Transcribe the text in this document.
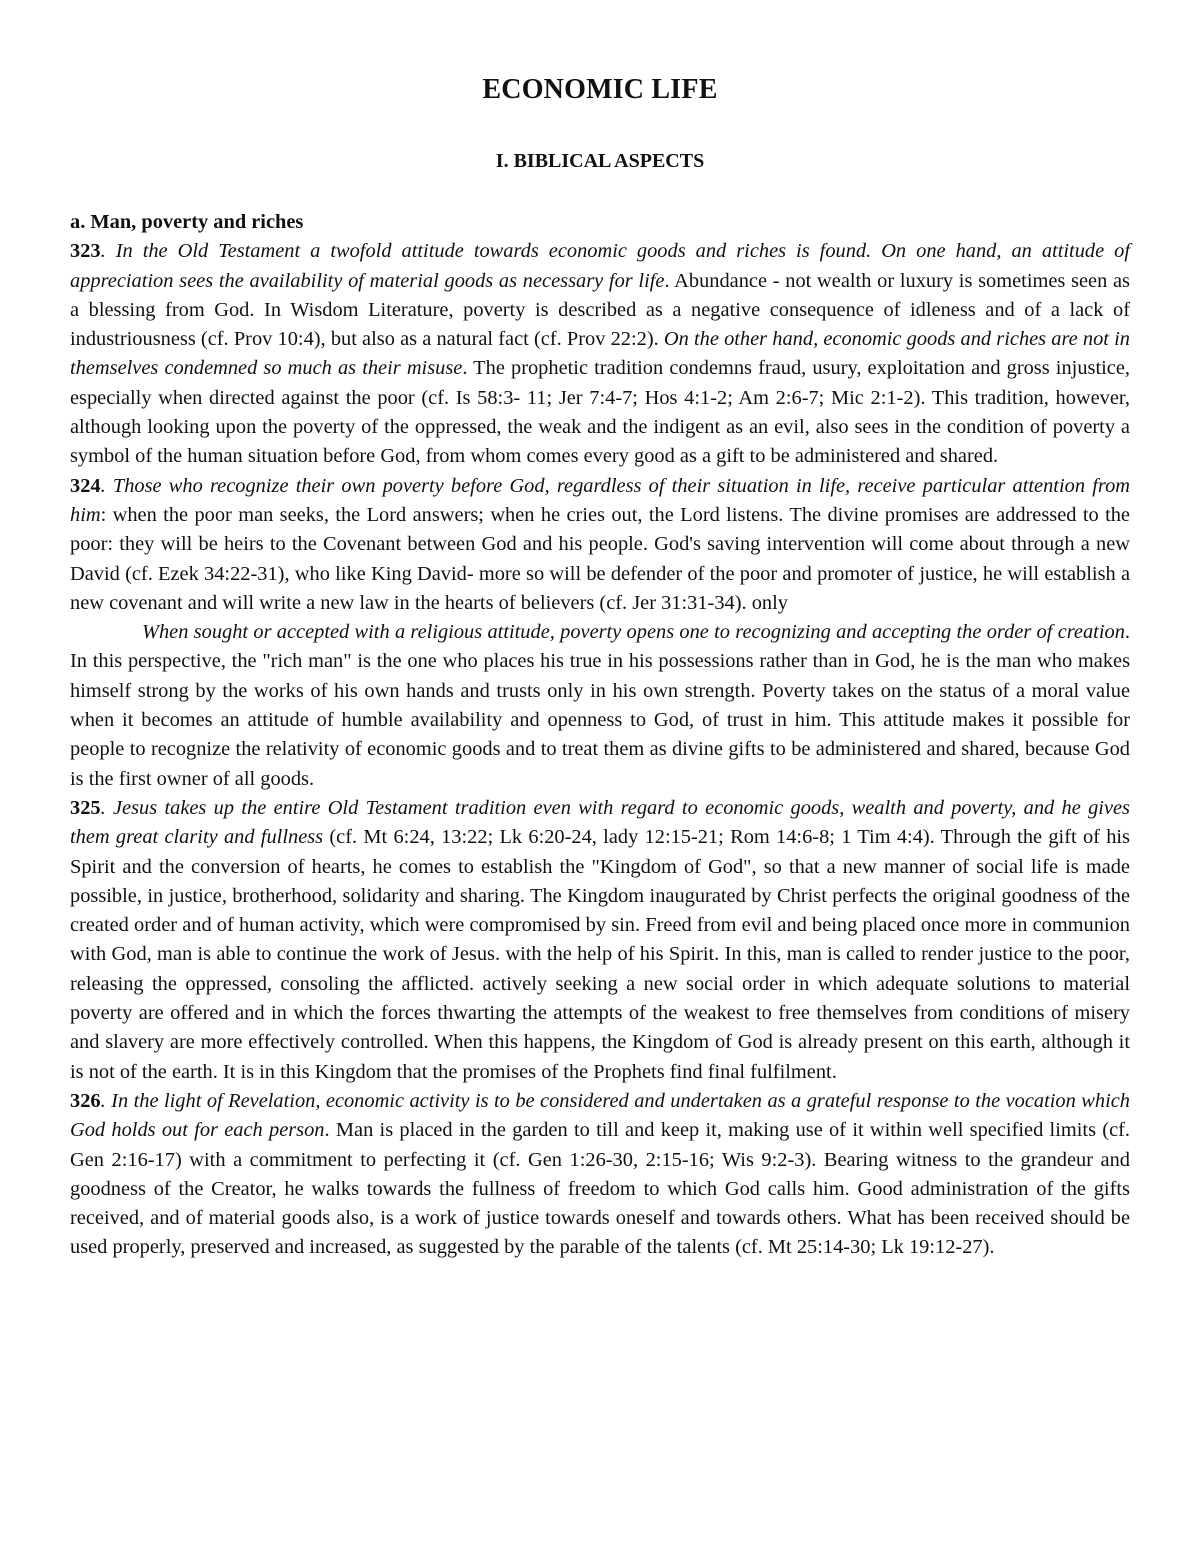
ECONOMIC LIFE
I. BIBLICAL ASPECTS

a. Man, poverty and riches

323. In the Old Testament a twofold attitude towards economic goods and riches is found. On one hand, an attitude of appreciation sees the availability of material goods as necessary for life. Abundance - not wealth or luxury is sometimes seen as a blessing from God. In Wisdom Literature, poverty is described as a negative consequence of idleness and of a lack of industriousness (cf. Prov 10:4), but also as a natural fact (cf. Prov 22:2). On the other hand, economic goods and riches are not in themselves condemned so much as their misuse. The prophetic tradition condemns fraud, usury, exploitation and gross injustice, especially when directed against the poor (cf. Is 58:3- 11; Jer 7:4-7; Hos 4:1-2; Am 2:6-7; Mic 2:1-2). This tradition, however, although looking upon the poverty of the oppressed, the weak and the indigent as an evil, also sees in the condition of poverty a symbol of the human situation before God, from whom comes every good as a gift to be administered and shared.

324. Those who recognize their own poverty before God, regardless of their situation in life, receive particular attention from him: when the poor man seeks, the Lord answers; when he cries out, the Lord listens. The divine promises are addressed to the poor: they will be heirs to the Covenant between God and his people. God's saving intervention will come about through a new David (cf. Ezek 34:22-31), who like King David- more so will be defender of the poor and promoter of justice, he will establish a new covenant and will write a new law in the hearts of believers (cf. Jer 31:31-34). only

When sought or accepted with a religious attitude, poverty opens one to recognizing and accepting the order of creation. In this perspective, the "rich man" is the one who places his true in his possessions rather than in God, he is the man who makes himself strong by the works of his own hands and trusts only in his own strength. Poverty takes on the status of a moral value when it becomes an attitude of humble availability and openness to God, of trust in him. This attitude makes it possible for people to recognize the relativity of economic goods and to treat them as divine gifts to be administered and shared, because God is the first owner of all goods.

325. Jesus takes up the entire Old Testament tradition even with regard to economic goods, wealth and poverty, and he gives them great clarity and fullness (cf. Mt 6:24, 13:22; Lk 6:20-24, lady 12:15-21; Rom 14:6-8; 1 Tim 4:4). Through the gift of his Spirit and the conversion of hearts, he comes to establish the "Kingdom of God", so that a new manner of social life is made possible, in justice, brotherhood, solidarity and sharing. The Kingdom inaugurated by Christ perfects the original goodness of the created order and of human activity, which were compromised by sin. Freed from evil and being placed once more in communion with God, man is able to continue the work of Jesus. with the help of his Spirit. In this, man is called to render justice to the poor, releasing the oppressed, consoling the afflicted. actively seeking a new social order in which adequate solutions to material poverty are offered and in which the forces thwarting the attempts of the weakest to free themselves from conditions of misery and slavery are more effectively controlled. When this happens, the Kingdom of God is already present on this earth, although it is not of the earth. It is in this Kingdom that the promises of the Prophets find final fulfilment.

326. In the light of Revelation, economic activity is to be considered and undertaken as a grateful response to the vocation which God holds out for each person. Man is placed in the garden to till and keep it, making use of it within well specified limits (cf. Gen 2:16-17) with a commitment to perfecting it (cf. Gen 1:26-30, 2:15-16; Wis 9:2-3). Bearing witness to the grandeur and goodness of the Creator, he walks towards the fullness of freedom to which God calls him. Good administration of the gifts received, and of material goods also, is a work of justice towards oneself and towards others. What has been received should be used properly, preserved and increased, as suggested by the parable of the talents (cf. Mt 25:14-30; Lk 19:12-27).
